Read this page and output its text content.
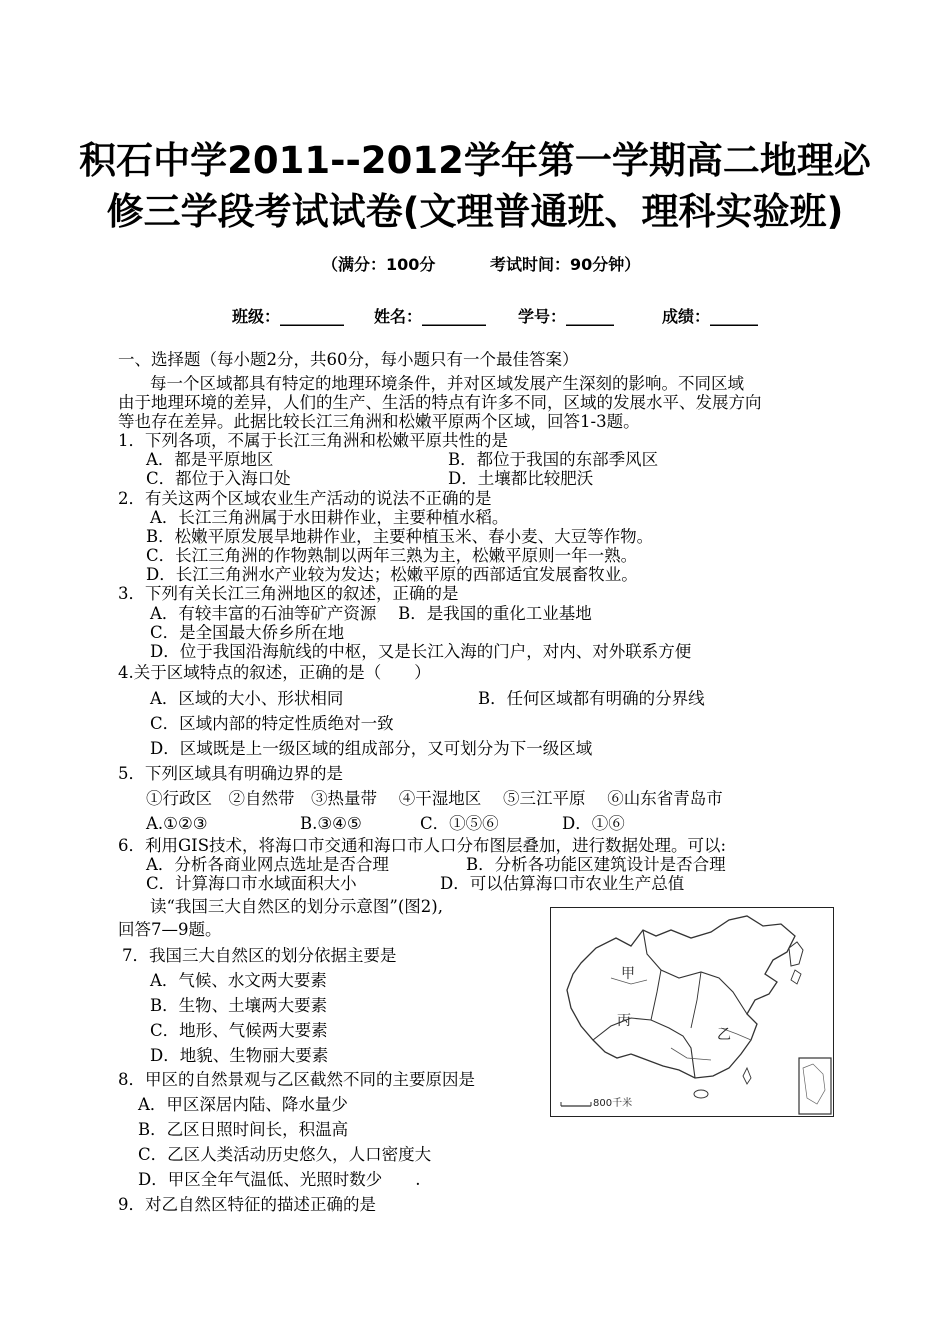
积石中学2011--2012学年第一学期高二地理必
修三学段考试试卷(文理普通班、理科实验班)
（满分：100分	考试时间：90分钟）
班级：________ 姓名：________ 学号：______	成绩：______
一、选择题（每小题2分，共60分，每小题只有一个最佳答案）
每一个区域都具有特定的地理环境条件，并对区域发展产生深刻的影响。不同区域
由于地理环境的差异，人们的生产、生活的特点有许多不同，区域的发展水平、发展方向
等也存在差异。此据比较长江三角洲和松嫩平原两个区域，回答1-3题。
1．下列各项，不属于长江三角洲和松嫩平原共性的是
A．都是平原地区	B．都位于我国的东部季风区
C．都位于入海口处	D．土壤都比较肥沃
2．有关这两个区域农业生产活动的说法不正确的是
A．长江三角洲属于水田耕作业，主要种植水稻。
B．松嫩平原发展旱地耕作业，主要种植玉米、春小麦、大豆等作物。
C．长江三角洲的作物熟制以两年三熟为主，松嫩平原则一年一熟。
D．长江三角洲水产业较为发达；松嫩平原的西部适宜发展畜牧业。
3．下列有关长江三角洲地区的叙述，正确的是
A．有较丰富的石油等矿产资源　 B．是我国的重化工业基地
C．是全国最大侨乡所在地
D．位于我国沿海航线的中枢，又是长江入海的门户，对内、对外联系方便
4.关于区域特点的叙述，正确的是（　　）
A．区域的大小、形状相同	B．任何区域都有明确的分界线
C．区域内部的特定性质绝对一致
D．区域既是上一级区域的组成部分，又可划分为下一级区域
5．下列区域具有明确边界的是
①行政区　②自然带　③热量带　 ④干湿地区　 ⑤三江平原　 ⑥山东省青岛市
A.①②③	B.③④⑤	C．①⑤⑥	D．①⑥
6．利用GIS技术，将海口市交通和海口市人口分布图层叠加，进行数据处理。可以:
A．分析各商业网点选址是否合理	B．分析各功能区建筑设计是否合理
C．计算海口市水域面积大小	D．可以估算海口市农业生产总值
读“我国三大自然区的划分示意图”(图2),
回答7—9题。
7．我国三大自然区的划分依据主要是
A．气候、水文两大要素
B．生物、土壤两大要素
C．地形、气候两大要素
D．地貌、生物丽大要素
8．甲区的自然景观与乙区截然不同的主要原因是
A．甲区深居内陆、降水量少
B．乙区日照时间长，积温高
C．乙区人类活动历史悠久，人口密度大
D．甲区全年气温低、光照时数少　　.
9．对乙自然区特征的描述正确的是
800千米
甲
丙
乙
